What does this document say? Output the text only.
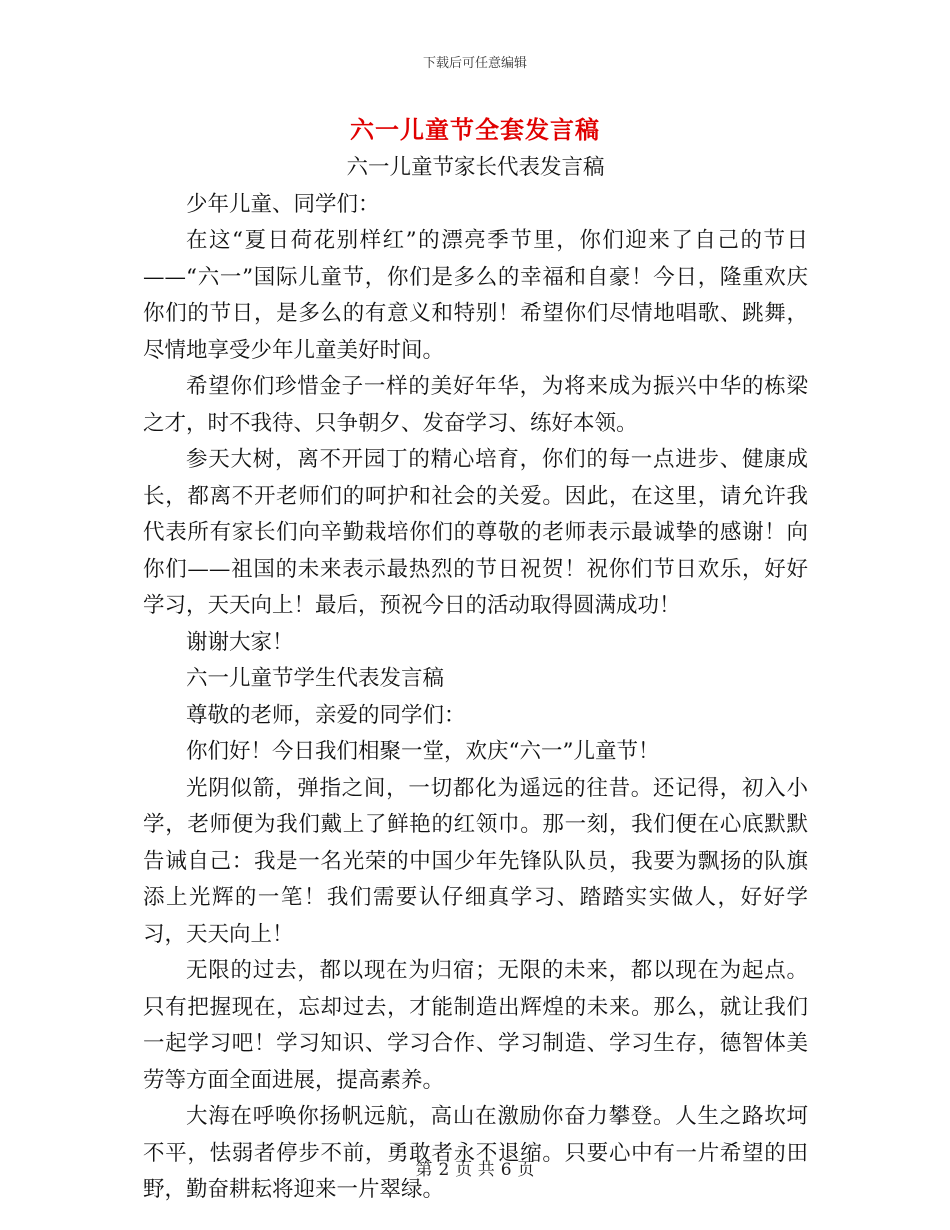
下载后可任意编辑
六一儿童节全套发言稿

六一儿童节家长代表发言稿

少年儿童、同学们：

在这“夏日荷花别样红”的漂亮季节里，你们迎来了自己的节日——“六一”国际儿童节，你们是多么的幸福和自豪！今日，隆重欢庆你们的节日，是多么的有意义和特别！希望你们尽情地唱歌、跳舞，尽情地享受少年儿童美好时间。

希望你们珍惜金子一样的美好年华，为将来成为振兴中华的栋梁之才，时不我待、只争朝夕、发奋学习、练好本领。

参天大树，离不开园丁的精心培育，你们的每一点进步、健康成长，都离不开老师们的呵护和社会的关爱。因此，在这里，请允许我代表所有家长们向辛勤栽培你们的尊敬的老师表示最诚挚的感谢！向你们——祖国的未来表示最热烈的节日祝贺！祝你们节日欢乐，好好学习，天天向上！最后，预祝今日的活动取得圆满成功！

谢谢大家！

六一儿童节学生代表发言稿

尊敬的老师，亲爱的同学们：

你们好！今日我们相聚一堂，欢庆“六一”儿童节！

光阴似箭，弹指之间，一切都化为遥远的往昔。还记得，初入小学，老师便为我们戴上了鲜艳的红领巾。那一刻，我们便在心底默默告诫自己：我是一名光荣的中国少年先锋队队员，我要为飘扬的队旗添上光辉的一笔！我们需要认仔细真学习、踏踏实实做人，好好学习，天天向上！

无限的过去，都以现在为归宿；无限的未来，都以现在为起点。只有把握现在，忘却过去，才能制造出辉煌的未来。那么，就让我们一起学习吧！学习知识、学习合作、学习制造、学习生存，德智体美劳等方面全面进展，提高素养。

大海在呼唤你扬帆远航，高山在激励你奋力攀登。人生之路坎坷不平，怯弱者停步不前，勇敢者永不退缩。只要心中有一片希望的田野，勤奋耕耘将迎来一片翠绿。

第 2 页 共 6 页
